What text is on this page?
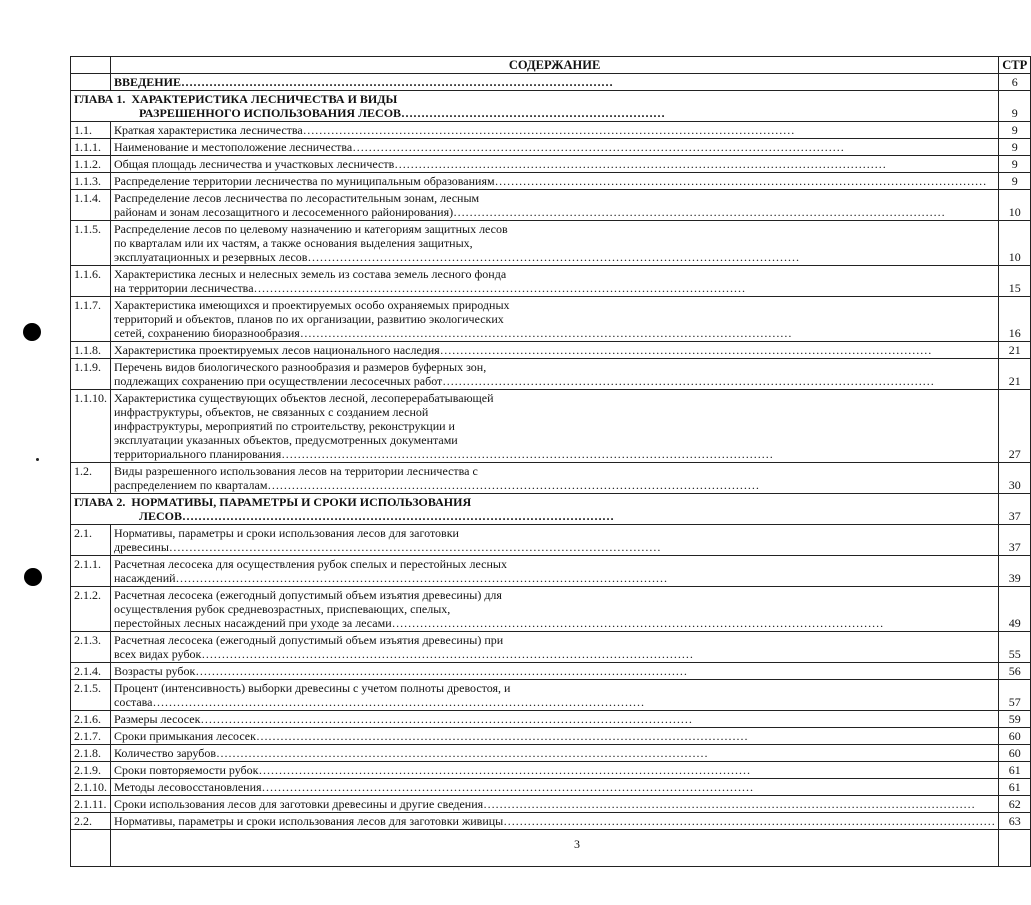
	СОДЕРЖАНИЕ	СТР

	ВВЕДЕНИЕ………………………………………………………………………………………………	6

ГЛАВА 1. ХАРАКТЕРИСТИКА ЛЕСНИЧЕСТВА И ВИДЫ
РАЗРЕШЕННОГО ИСПОЛЬЗОВАНИЯ ЛЕСОВ…………………………………………………………		9
1.1.	Краткая характеристика лесничества……………………………………………………………………………………………………………	9
1.1.1.	Наименование и местоположение лесничества……………………………………………………………………………………………………………	9
1.1.2.	Общая площадь лесничества и участковых лесничеств……………………………………………………………………………………………………………	9
1.1.3.	Распределение территории лесничества по муниципальным образованиям……………………………………………………………………………………………………………	9
1.1.4.	Распределение лесов лесничества по лесорастительным зонам, лесным
районам и зонам лесозащитного и лесосеменного районирования)……………………………………………………………………………………………………………	10
1.1.5.	Распределение лесов по целевому назначению и категориям защитных лесов
по кварталам или их частям, а также основания выделения защитных,
эксплуатационных и резервных лесов……………………………………………………………………………………………………………	10
1.1.6.	Характеристика лесных и нелесных земель из состава земель лесного фонда
на территории лесничества……………………………………………………………………………………………………………	15
1.1.7.	Характеристика имеющихся и проектируемых особо охраняемых природных
территорий и объектов, планов по их организации, развитию экологических
сетей, сохранению биоразнообразия……………………………………………………………………………………………………………	16
1.1.8.	Характеристика проектируемых лесов национального наследия……………………………………………………………………………………………………………	21
1.1.9.	Перечень видов биологического разнообразия и размеров буферных зон,
подлежащих сохранению при осуществлении лесосечных работ……………………………………………………………………………………………………………	21
1.1.10.	Характеристика существующих объектов лесной, лесоперерабатывающей
инфраструктуры, объектов, не связанных с созданием лесной
инфраструктуры, мероприятий по строительству, реконструкции и
эксплуатации указанных объектов, предусмотренных документами
территориального планирования……………………………………………………………………………………………………………	27
1.2.	Виды разрешенного использования лесов на территории лесничества с
распределением по кварталам……………………………………………………………………………………………………………	30

ГЛАВА 2. НОРМАТИВЫ, ПАРАМЕТРЫ И СРОКИ ИСПОЛЬЗОВАНИЯ
ЛЕСОВ………………………………………………………………………………………………		37
2.1.	Нормативы, параметры и сроки использования лесов для заготовки
древесины……………………………………………………………………………………………………………	37
2.1.1.	Расчетная лесосека для осуществления рубок спелых и перестойных лесных
насаждений……………………………………………………………………………………………………………	39
2.1.2.	Расчетная лесосека (ежегодный допустимый объем изъятия древесины) для
осуществления рубок средневозрастных, приспевающих, спелых,
перестойных лесных насаждений при уходе за лесами……………………………………………………………………………………………………………	49
2.1.3.	Расчетная лесосека (ежегодный допустимый объем изъятия древесины) при
всех видах рубок……………………………………………………………………………………………………………	55
2.1.4.	Возрасты рубок……………………………………………………………………………………………………………	56
2.1.5.	Процент (интенсивность) выборки древесины с учетом полноты древостоя, и
состава……………………………………………………………………………………………………………	57
2.1.6.	Размеры лесосек……………………………………………………………………………………………………………	59
2.1.7.	Сроки примыкания лесосек……………………………………………………………………………………………………………	60
2.1.8.	Количество зарубов……………………………………………………………………………………………………………	60
2.1.9.	Сроки повторяемости рубок……………………………………………………………………………………………………………	61
2.1.10.	Методы лесовосстановления……………………………………………………………………………………………………………	61
2.1.11.	Сроки использования лесов для заготовки древесины и другие сведения……………………………………………………………………………………………………………	62
2.2.	Нормативы, параметры и сроки использования лесов для заготовки живицы……………………………………………………………………………………………………………	63

3
